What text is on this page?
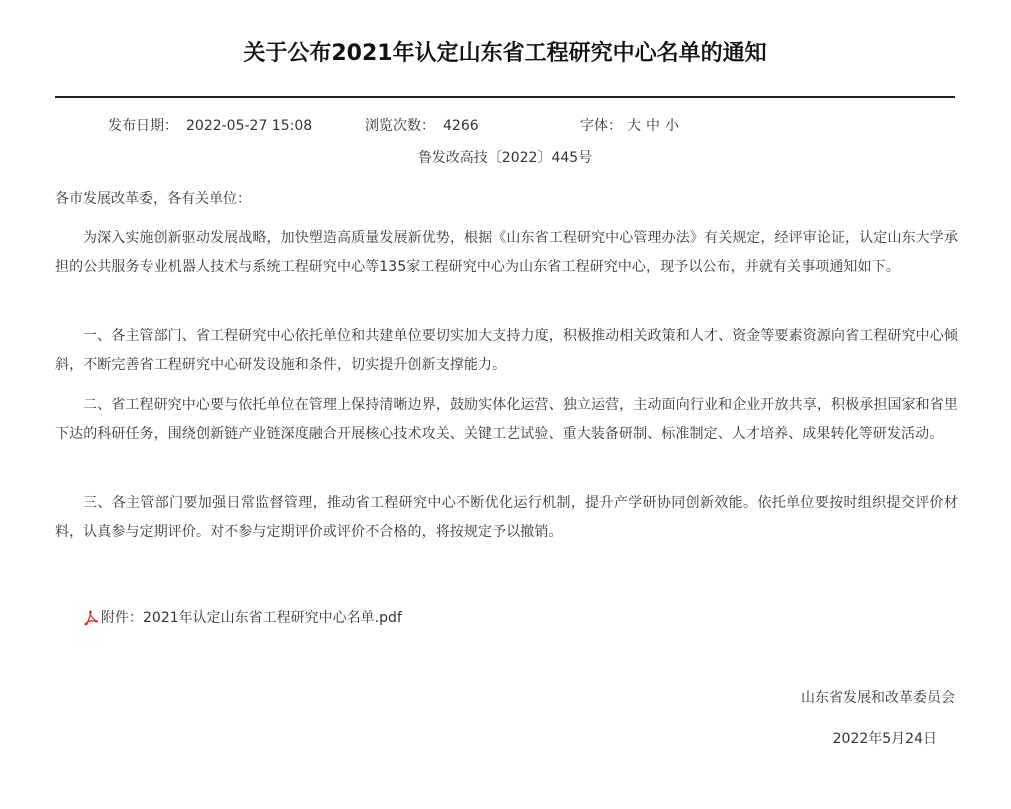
关于公布2021年认定山东省工程研究中心名单的通知
发布日期： 2022-05-27 15:08	浏览次数： 4266	字体： 大 中 小
鲁发改高技〔2022〕445号
各市发展改革委，各有关单位：

为深入实施创新驱动发展战略，加快塑造高质量发展新优势，根据《山东省工程研究中心管理办法》有关规定，经评审论证，认定山东大学承担的公共服务专业机器人技术与系统工程研究中心等135家工程研究中心为山东省工程研究中心，现予以公布，并就有关事项通知如下。

一、各主管部门、省工程研究中心依托单位和共建单位要切实加大支持力度，积极推动相关政策和人才、资金等要素资源向省工程研究中心倾斜，不断完善省工程研究中心研发设施和条件，切实提升创新支撑能力。

二、省工程研究中心要与依托单位在管理上保持清晰边界，鼓励实体化运营、独立运营，主动面向行业和企业开放共享，积极承担国家和省里下达的科研任务，围绕创新链产业链深度融合开展核心技术攻关、关键工艺试验、重大装备研制、标准制定、人才培养、成果转化等研发活动。

三、各主管部门要加强日常监督管理，推动省工程研究中心不断优化运行机制，提升产学研协同创新效能。依托单位要按时组织提交评价材料，认真参与定期评价。对不参与定期评价或评价不合格的，将按规定予以撤销。

附件：2021年认定山东省工程研究中心名单.pdf
山东省发展和改革委员会
2022年5月24日
